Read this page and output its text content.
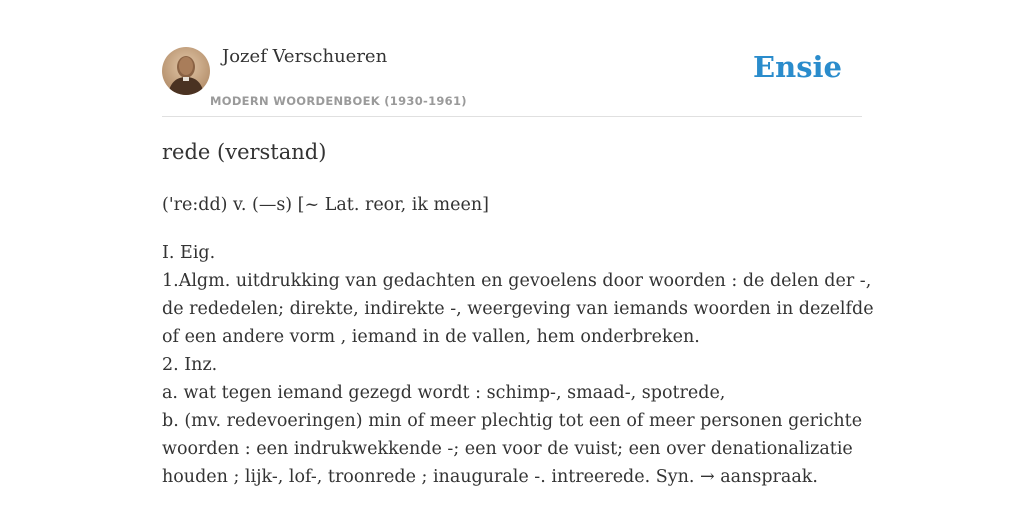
Jozef Verschueren
MODERN WOORDENBOEK (1930-1961)
Ensie
rede (verstand)
('re:dd) v. (—s) [~ Lat. reor, ik meen]
I. Eig.
1.Algm. uitdrukking van gedachten en gevoelens door woorden : de delen der -,
de rededelen; direkte, indirekte -, weergeving van iemands woorden in dezelfde
of een andere vorm , iemand in de vallen, hem onderbreken.
2. Inz.
a. wat tegen iemand gezegd wordt : schimp-, smaad-, spotrede,
b. (mv. redevoeringen) min of meer plechtig tot een of meer personen gerichte
woorden : een indrukwekkende -; een voor de vuist; een over denationalizatie
houden ; lijk-, lof-, troonrede ; inaugurale -. intreerede. Syn. → aanspraak.
